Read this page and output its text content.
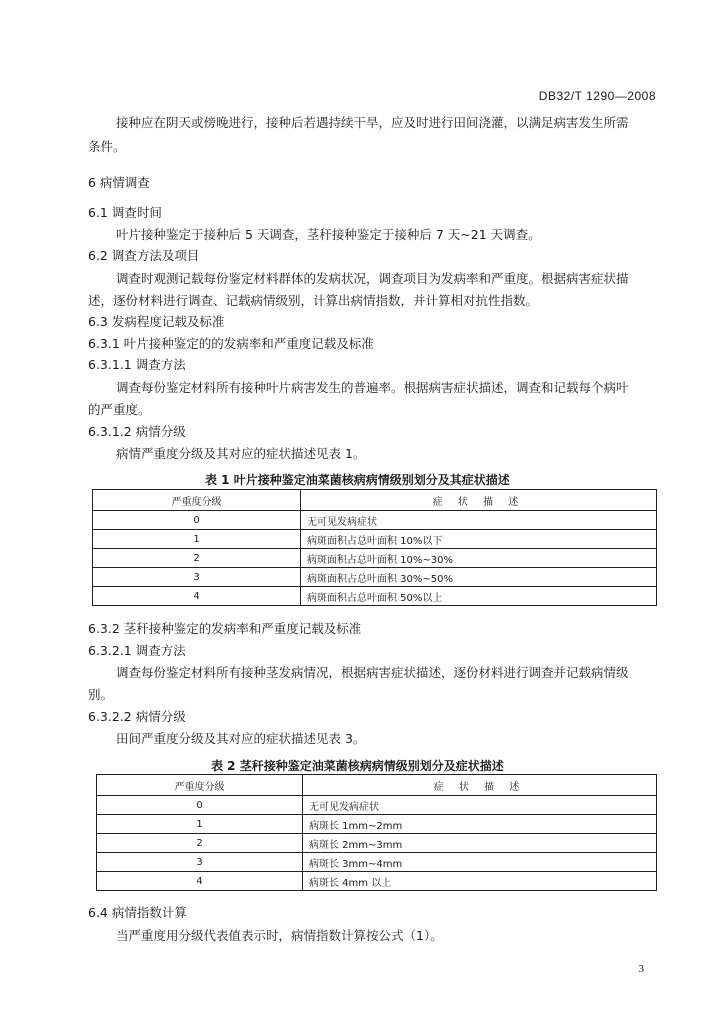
DB32/T 1290—2008
接种应在阴天或傍晚进行，接种后若遇持续干旱，应及时进行田间浇灌，以满足病害发生所需
条件。
6 病情调查
6.1 调查时间
叶片接种鉴定于接种后 5 天调查，茎秆接种鉴定于接种后 7 天~21 天调查。
6.2 调查方法及项目
调查时观测记载每份鉴定材料群体的发病状况，调查项目为发病率和严重度。根据病害症状描
述，逐份材料进行调查、记载病情级别，计算出病情指数，并计算相对抗性指数。
6.3 发病程度记载及标准
6.3.1 叶片接种鉴定的的发病率和严重度记载及标准
6.3.1.1 调查方法
调查每份鉴定材料所有接种叶片病害发生的普遍率。根据病害症状描述，调查和记载每个病叶
的严重度。
6.3.1.2 病情分级
病情严重度分级及其对应的症状描述见表 1。
表 1 叶片接种鉴定油菜菌核病病情级别划分及其症状描述
严重度分级	症 状 描 述
0	无可见发病症状
1	病斑面积占总叶面积 10%以下
2	病斑面积占总叶面积 10%~30%
3	病斑面积占总叶面积 30%~50%
4	病斑面积占总叶面积 50%以上
6.3.2 茎秆接种鉴定的发病率和严重度记载及标准
6.3.2.1 调查方法
调查每份鉴定材料所有接种茎发病情况，根据病害症状描述，逐份材料进行调查并记载病情级
别。
6.3.2.2 病情分级
田间严重度分级及其对应的症状描述见表 3。
表 2 茎秆接种鉴定油菜菌核病病情级别划分及症状描述
严重度分级	症 状 描 述
0	无可见发病症状
1	病斑长 1mm~2mm
2	病斑长 2mm~3mm
3	病斑长 3mm~4mm
4	病斑长 4mm 以上
6.4 病情指数计算
当严重度用分级代表值表示时，病情指数计算按公式（1）。
3
